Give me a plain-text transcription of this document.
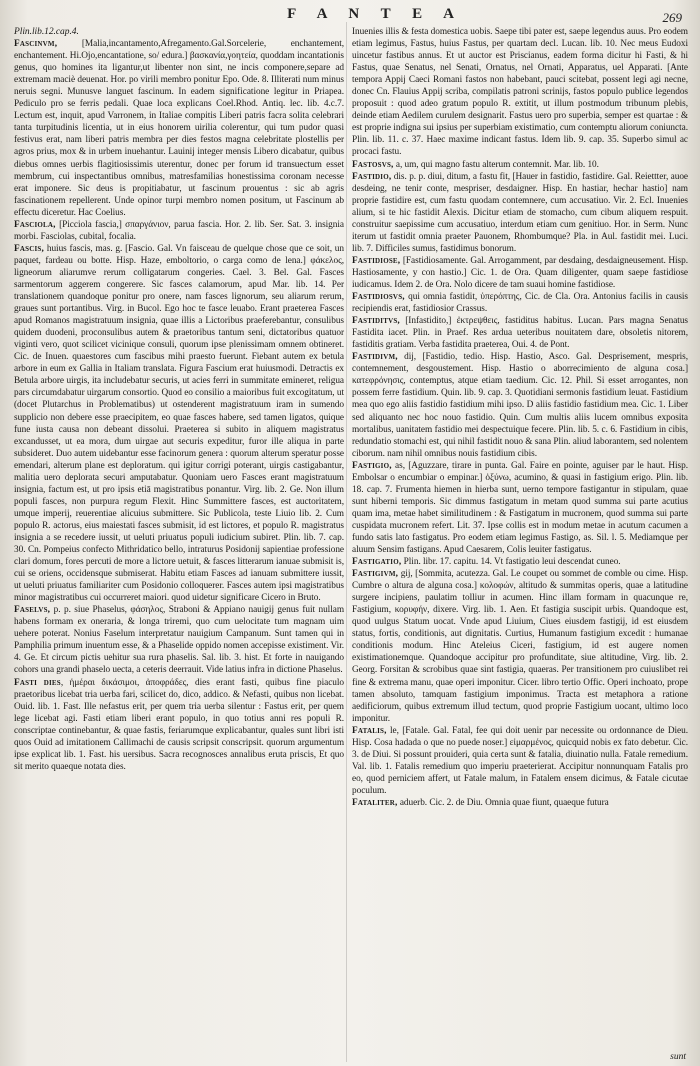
F A N T E A	269
Plin.lib.12.cap.4.

Fascinvm,	[Malia,incantamento,Afregamento.Gal.Sorcelerie, enchantement, enchantement. Hi.Ojo,encantatione, so/ edura.] βασκανία,γοητεία, quoddam incantationis genus, quo homines ita ligantur,ut libenter non sint, ne incis componere,separe ad extremam maciè deuenat. Hor. po virili membro ponitur Epo. Ode. 8. Illiterati num minus neruis segni. Munusve languet fascinum. In eadem significatione legitur in Priapea. Pediculo pro se ferris pedali. Quae loca explicans Coel.Rhod. Antiq. lec. lib. 4.c.7. Lectum est, inquit, apud Varronem, in Italiae compitis Liberi patris facra solita celebrari tanta turpitudinis licentia, ut in eius honorem uirilia colerentur, qui tum pudor quasi festivus erat, nam liberi patris membra per dies festos magna celebritate plostellis per agros prius, mox & in urbem inuehantur. Lauinij integer mensis Libero dicabatur, quibus diebus omnes uerbis flagitiosissimis uterentur, donec per forum id transuectum esset membrum, cui inspectantibus omnibus, matresfamilias honestissima coronam necesse erat imponere. Sic deus is propitiabatur, ut fascinum prouentus : sic ab agris fascinationem repellerent. Unde opinor turpi membro nomen positum, ut Fascinum ab effectu diceretur. Hac Coelius.

Fasciola, [Picciola fascia,] σπαργάνιον, parua fascia. Hor. 2. lib. Ser. Sat. 3. insignia morbi. Fasciolas, cubital, focalia.

Fascis, huius fascis, mas. g. [Fascio. Gal. Vn faisceau de quelque chose que ce soit, un paquet, fardeau ou botte. Hisp. Haze, emboltorio, o carga como de lena.] φάκελος, ligneorum aliarumve rerum colligatarum congeries. Cael. 3. Bel. Gal. Fasces sarmentorum aggerem congerere. Sic fasces calamorum, apud Mar. lib. 14. Per translationem quandoque ponitur pro onere, nam fasces lignorum, seu aliarum rerum, graues sunt portantibus. Virg. in Bucol. Ego hoc te fasce leuabo. Erant praeterea Fasces apud Romanos magistratuum insignia, quae illis a Lictoribus praeferebantur, consulibus quidem duodeni, proconsulibus autem & praetoribus tantum seni, dictatoribus quatuor viginti vero, quot scilicet vicinique consuli, quorum ipse plenissimam omnem obtineret. Cic. de Inuen. quaestores cum fascibus mihi praesto fuerunt. Fiebant autem ex betula arbore in eum ex Gallia in Italiam translata. Figura Fascium erat huiusmodi. Detractis ex Betula arbore uirgis, ita includebatur securis, ut acies ferri in summitate emineret, religua pars circumdabatur uirgarum consortio. Quod eo consilio a maioribus fuit excogitatum, ut (docet Plutarchus in Problematibus) ut ostenderent magistratuum iram in sumendo supplicio non debere esse praecipitem, eo quae fasces habere, sed tamen ligatos, quique fune iusta causa non debeant dissolui. Praeterea si subito in aliquem magistratus excandusset, ut ea mora, dum uirgae aut securis expeditur, furor ille aliqua in parte subsideret. Duo autem uidebantur esse facinorum genera : quorum alterum speratur posse emendari, alterum plane est deploratum. qui igitur corrigi poterant, uirgis castigabantur, malitia uero deplorata securi amputabatur. Quoniam uero Fasces erant magistratuum insignia, factum est, ut pro ipsis etiā magistratibus ponantur. Virg. lib. 2. Ge. Non illum populi fasces, non purpura regum Flexit. Hinc Summittere fasces, est auctoritatem, umque imperij, reuerentiae alicuius submittere. Sic Publicola, teste Liuio lib. 2. Cum populo R. actorus, eius maiestati fasces submisit, id est lictores, et populo R. magistratus insignia a se recedere iussit, ut ueluti priuatus populi iudicium subiret. Plin. lib. 7. cap. 30. Cn. Pompeius confecto Mithridatico bello, intraturus Posidonij sapientiae professione clari domum, fores percuti de more a lictore uetuit, & fasces litterarum ianuae submisit is, cui se oriens, occidensque submiserat. Habitu etiam Fasces ad ianuam submittere iussit, ut ueluti priuatus familiariter cum Posidonio colloquerer. Fasces autem ipsi magistratibus minor magistratibus cui occurreret maiori. quod uidetur significare Cicero in Bruto.

Faselvs, p. p. siue Phaselus, φάσηλος, Straboni & Appiano nauigij genus fuit nullam habens formam ex oneraria, & longa triremi, quo cum uelocitate tum magnam uim uehere poterat. Nonius Faselum interpretatur nauigium Campanum. Sunt tamen qui in Pamphilia primum inuentum esse, & a Phaselide oppido nomen accepisse existiment. Vir. 4. Ge. Et circum pictis uehitur sua rura phaselis. Sal. lib. 3. hist. Et forte in nauigando cohors una grandi phaselo uecta, a ceteris deerrauit. Vide latius infra in dictione Phaselus.

Fasti dies, ἡμέραι δικάσιμοι, ἀποφράδες, dies erant fasti, quibus fine piaculo praetoribus licebat tria uerba fari, scilicet do, dico, addico. & Nefasti, quibus non licebat. Ouid. lib. 1. Fast. Ille nefastus erit, per quem tria uerba silentur : Fastus erit, per quem lege licebat agi. Fasti etiam liberi erant populo, in quo totius anni res populi R. conscriptae continebantur, & quae fastis, feriarumque explicabantur, quales sunt libri isti quos Ouid ad imitationem Callimachi de causis scripsit conscripsit. quorum argumentum ipse explicat lib. 1. Fast. his uersibus. Sacra recognosces annalibus eruta priscis, Et quo sit merito quaeque notata dies.

Inuenies illis & festa domestica uobis. Saepe tibi pater est, saepe legendus auus. Pro eodem etiam legimus, Fastus, huius Fastus, per quartam decl. Lucan. lib. 10. Nec meus Eudoxi uincetur fastibus annus. Et ut auctor est Priscianus, eadem forma dicitur hi Fasti, & hi Fastus, quae Senatus, nel Senati, Ornatus, nel Ornati, Apparatus, uel Apparati. [Ante tempora Appij Caeci Romani fastos non habebant, pauci scitebat, possent legi agi necne, donec Cn. Flauius Appij scriba, compilatis patroni scrinijs, fastos populo publice legendos proposuit : quod adeo gratum populo R. extitit, ut illum postmodum tribunum plebis, deinde etiam Aedilem curulem designarit. Fastus uero pro superbia, semper est quartae : & est proprie indigna sui ipsius per superbiam existimatio, cum contemptu aliorum coniuncta. Plin. lib. 11. c. 37. Haec maxime indicant fastus. Idem lib. 9. cap. 35. Superbo simul ac procaci fastu.

Fastosvs, a, um, qui magno fastu alterum contemnit. Mar. lib. 10.

Fastidio, dis. p. p. diui, ditum, a fastu fit, [Hauer in fastidio, fastidire. Gal. Reiettter, auoe desdeing, ne tenir conte, mespriser, desdaigner. Hisp. En hastiar, hechar hastio] nam proprie fastidire est, cum fastu quodam contemnere, cum accusatiuo. Vir. 2. Ecl. Inuenies alium, si te hic fastidit Alexis. Dicitur etiam de stomacho, cum cibum aliquem respuit. construitur saepissime cum accusatiuo, interdum etiam cum genitiuo. Hor. in Serm. Nunc iterum ut fastidit omnia praeter Pauonem, Rhombumque? Pla. in Aul. fastidit mei. Luci. lib. 7. Difficiles sumus, fastidimus bonorum.

Fastidiose, [Fastidiosamente. Gal. Arrogamment, par desdaing, desdaigneusement. Hisp. Hastiosamente, y con hastio.] Cic. 1. de Ora. Quam diligenter, quam saepe fastidiose iudicamus. Idem 2. de Ora. Nolo dicere de tam suaui homine fastidiose.

Fastidiosvs, qui omnia fastidit, ὑπερόπτης, Cic. de Cla. Ora. Antonius facilis in causis recipiendis erat, fastidiosior Crassus.

Fastiditvs, [Infastidito,] ἐκτρεψθεις, fastiditus habitus. Lucan. Pars magna Senatus Fastidita iacet. Plin. in Praef. Res ardua ueteribus nouitatem dare, obsoletis nitorem, fastiditis gratiam. Verba fastidita praeterea, Oui. 4. de Pont.

Fastidivm, dij, [Fastidio, tedio. Hisp. Hastio, Asco. Gal. Desprisement, mespris, contemnement, desgoustement. Hisp. Hastio o aborrecimiento de alguna cosa.] κατεφρόνησις, contemptus, atque etiam taedium. Cic. 12. Phil. Si esset arrogantes, non possem ferre fastidium. Quin. lib. 9. cap. 3. Quotidiani sermonis fastidium leuat. Fastidium mea quo ego aliis fastidio fastidium mihi ipso. D aliis fastidio fastidium mea. Cic. 1. Liber sed aliquanto nec hoc nouo fastidio. Quin. Cum multis aliis lucem omnibus exposita mortalibus, uanitatem fastidio mei despectuique fecere. Plin. lib. 5. c. 6. Fastidium in cibis, redundatio stomachi est, qui nihil fastidit nouo & sana Plin. aliud laborantem, sed nolentem ciborum. nam nihil omnibus nouis fastidium cibis.

Fastigio, as, [Aguzzare, tirare in punta. Gal. Faire en pointe, aguiser par le haut. Hisp. Embolsar o encumbiar o empinar.] ὀξύνω, acumino, & quasi in fastigium erigo. Plin. lib. 18. cap. 7. Frumenta hiemen in hierba sunt, uerno tempore fastigantur in stipulam, quae sunt hiberni temporis. Sic dimmus fastigatum in metam quod summa sui parte acutius quam ima, metae habet similitudinem : & Fastigatum in mucronem, quod summa sui parte cuspidata mucronem refert. Lit. 37. Ipse collis est in modum metae in acutum cacumen a fundo satis lato fastigatus. Pro eodem etiam legimus Fastigo, as. Sil. l. 5. Mediamque per aluum Sensim fastigans. Apud Caesarem, Colis leuiter fastigatus.

Fastigatio, Plin. libr. 17. capitu. 14. Vt fastigatio leui descendat cuneo.

Fastigivm, gij, [Sommita, acutezza. Gal. Le coupet ou sommet de comble ou cime. Hisp. Cumbre o altura de alguna cosa.] κολοφών, altitudo & summitas operis, quae a latitudine surgere incipiens, paulatim tolliur in acumen. Hinc illam formam in quacunque re, Fastigium, κορυφήν, dixere. Virg. lib. 1. Aen. Et fastigia suscipit urbis. Quandoque est, quod uulgus Statum uocat. Vnde apud Liuium, Ciues eiusdem fastigij, id est eiusdem status, fortis, conditionis, aut dignitatis. Curtius, Humanum fastigium excedit : humanae conditionis modum. Hinc Ateleius Ciceri, fastigium, id est augere nomen existimationemque. Quandoque accipitur pro profunditate, siue altitudine, Virg. lib. 2. Georg. Forsitan & scrobibus quae sint fastigia, quaeras. Per transitionem pro cuiuslibet rei fine & extrema manu, quae operi imponitur. Cicer. libro tertio Offic. Operi inchoato, prope tamen absoluto, tamquam fastigium imponimus. Tracta est metaphora a ratione aedificiorum, quibus extremum illud tectum, quod proprie Fastigium uocant, ultimo loco imponitur.

Fatalis, le, [Fatale. Gal. Fatal, fee qui doit uenir par necessite ou ordonnance de Dieu. Hisp. Cosa hadada o que no puede noser.] εἱμαρμένος, quicquid nobis ex fato debetur. Cic. 3. de Diui. Si possunt prouideri, quia certa sunt & fatalia, diuinatio nulla. Fatale remedium. Val. lib. 1. Fatalis remedium quo imperiu praeterierat. Accipitur nonnunquam Fatalis pro eo, quod perniciem affert, ut Fatale malum, in Fatalem ensem dicimus, & Fatale cicutae poculum.

Fataliter, aduerb. Cic. 2. de Diu. Omnia quae fiunt, quaeque futura

sunt
